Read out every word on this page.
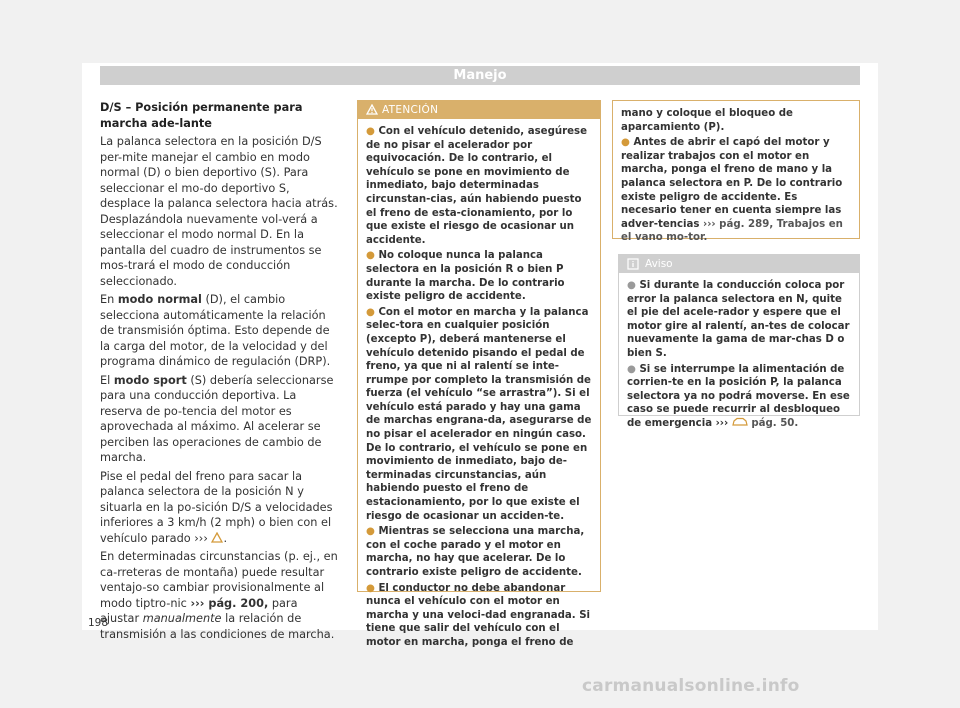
Manejo

D/S – Posición permanente para marcha ade-lante

La palanca selectora en la posición D/S per-mite manejar el cambio en modo normal (D) o bien deportivo (S). Para seleccionar el mo-do deportivo S, desplace la palanca selectora hacia atrás. Desplazándola nuevamente vol-verá a seleccionar el modo normal D. En la pantalla del cuadro de instrumentos se mos-trará el modo de conducción seleccionado.

En modo normal (D), el cambio selecciona automáticamente la relación de transmisión óptima. Esto depende de la carga del motor, de la velocidad y del programa dinámico de regulación (DRP).

El modo sport (S) debería seleccionarse para una conducción deportiva. La reserva de po-tencia del motor es aprovechada al máximo. Al acelerar se perciben las operaciones de cambio de marcha.

Pise el pedal del freno para sacar la palanca selectora de la posición N y situarla en la po-sición D/S a velocidades inferiores a 3 km/h (2 mph) o bien con el vehículo parado ››› .

En determinadas circunstancias (p. ej., en ca-rreteras de montaña) puede resultar ventajo-so cambiar provisionalmente al modo tiptro-nic ››› pág. 200, para ajustar manualmente la relación de transmisión a las condiciones de marcha.

ATENCIÓN
● Con el vehículo detenido, asegúrese de no pisar el acelerador por equivocación. De lo contrario, el vehículo se pone en movimiento de inmediato, bajo determinadas circunstan-cias, aún habiendo puesto el freno de esta-cionamiento, por lo que existe el riesgo de ocasionar un accidente.
● No coloque nunca la palanca selectora en la posición R o bien P durante la marcha. De lo contrario existe peligro de accidente.
● Con el motor en marcha y la palanca selec-tora en cualquier posición (excepto P), deberá mantenerse el vehículo detenido pisando el pedal de freno, ya que ni al ralentí se inte-rrumpe por completo la transmisión de fuerza (el vehículo “se arrastra”). Si el vehículo está parado y hay una gama de marchas engrana-da, asegurarse de no pisar el acelerador en ningún caso. De lo contrario, el vehículo se pone en movimiento de inmediato, bajo de-terminadas circunstancias, aún habiendo puesto el freno de estacionamiento, por lo que existe el riesgo de ocasionar un acciden-te.
● Mientras se selecciona una marcha, con el coche parado y el motor en marcha, no hay que acelerar. De lo contrario existe peligro de accidente.
● El conductor no debe abandonar nunca el vehículo con el motor en marcha y una veloci-dad engranada. Si tiene que salir del vehículo con el motor en marcha, ponga el freno de
mano y coloque el bloqueo de aparcamiento (P).
● Antes de abrir el capó del motor y realizar trabajos con el motor en marcha, ponga el freno de mano y la palanca selectora en P. De lo contrario existe peligro de accidente. Es necesario tener en cuenta siempre las adver-tencias ››› pág. 289, Trabajos en el vano mo-tor.
Aviso
● Si durante la conducción coloca por error la palanca selectora en N, quite el pie del acele-rador y espere que el motor gire al ralentí, an-tes de colocar nuevamente la gama de mar-chas D o bien S.
● Si se interrumpe la alimentación de corrien-te en la posición P, la palanca selectora ya no podrá moverse. En ese caso se puede recurrir al desbloqueo de emergencia ››› pág. 50.
198
carmanualsonline.info
